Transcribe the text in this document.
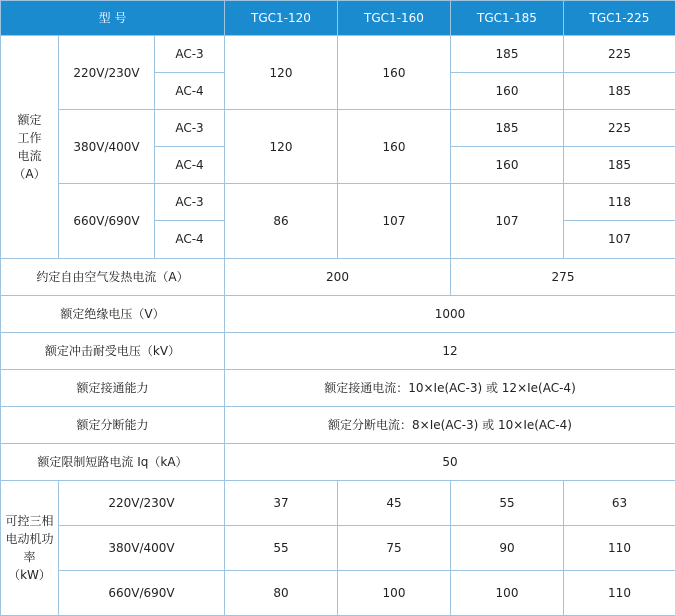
型 号			TGC1-120	TGC1-160	TGC1-185	TGC1-225

额定
工作
电流
（A）	220V/230V	AC-3	120	160	185	225
		AC-4			160	185
	380V/400V	AC-3	120	160	185	225
		AC-4			160	185
	660V/690V	AC-3	86	107	107	118
		AC-4				107
约定自由空气发热电流（A）			200		275	
额定绝缘电压（V）			1000			
额定冲击耐受电压（kV）			12			
额定接通能力			额定接通电流：10×Ie(AC-3) 或 12×Ie(AC-4)			
额定分断能力			额定分断电流：8×Ie(AC-3) 或 10×Ie(AC-4)			
额定限制短路电流 Iq（kA）			50			

可控三相
电动机功率
（kW）	220V/230V		37	45	55	63
	380V/400V		55	75	90	110
	660V/690V		80	100	100	110
